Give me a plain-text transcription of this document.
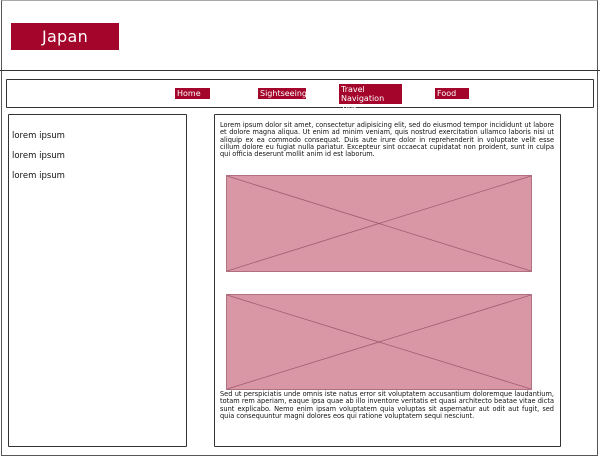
Japan
Home	Sightseeing	Travel
Navigation Tips
Food
lorem ipsum
lorem ipsum
lorem ipsum
Lorem ipsum dolor sit amet, consectetur adipisicing elit, sed do eiusmod tempor incididunt ut labore et dolore magna aliqua. Ut enim ad minim veniam, quis nostrud exercitation ullamco laboris nisi ut aliquip ex ea commodo consequat. Duis aute irure dolor in reprehenderit in voluptate velit esse cillum dolore eu fugiat nulla pariatur. Excepteur sint occaecat cupidatat non proident, sunt in culpa qui officia deserunt mollit anim id est laborum.
Sed ut perspiciatis unde omnis iste natus error sit voluptatem accusantium doloremque laudantium, totam rem aperiam, eaque ipsa quae ab illo inventore veritatis et quasi architecto beatae vitae dicta sunt explicabo. Nemo enim ipsam voluptatem quia voluptas sit aspernatur aut odit aut fugit, sed quia consequuntur magni dolores eos qui ratione voluptatem sequi nesciunt.
